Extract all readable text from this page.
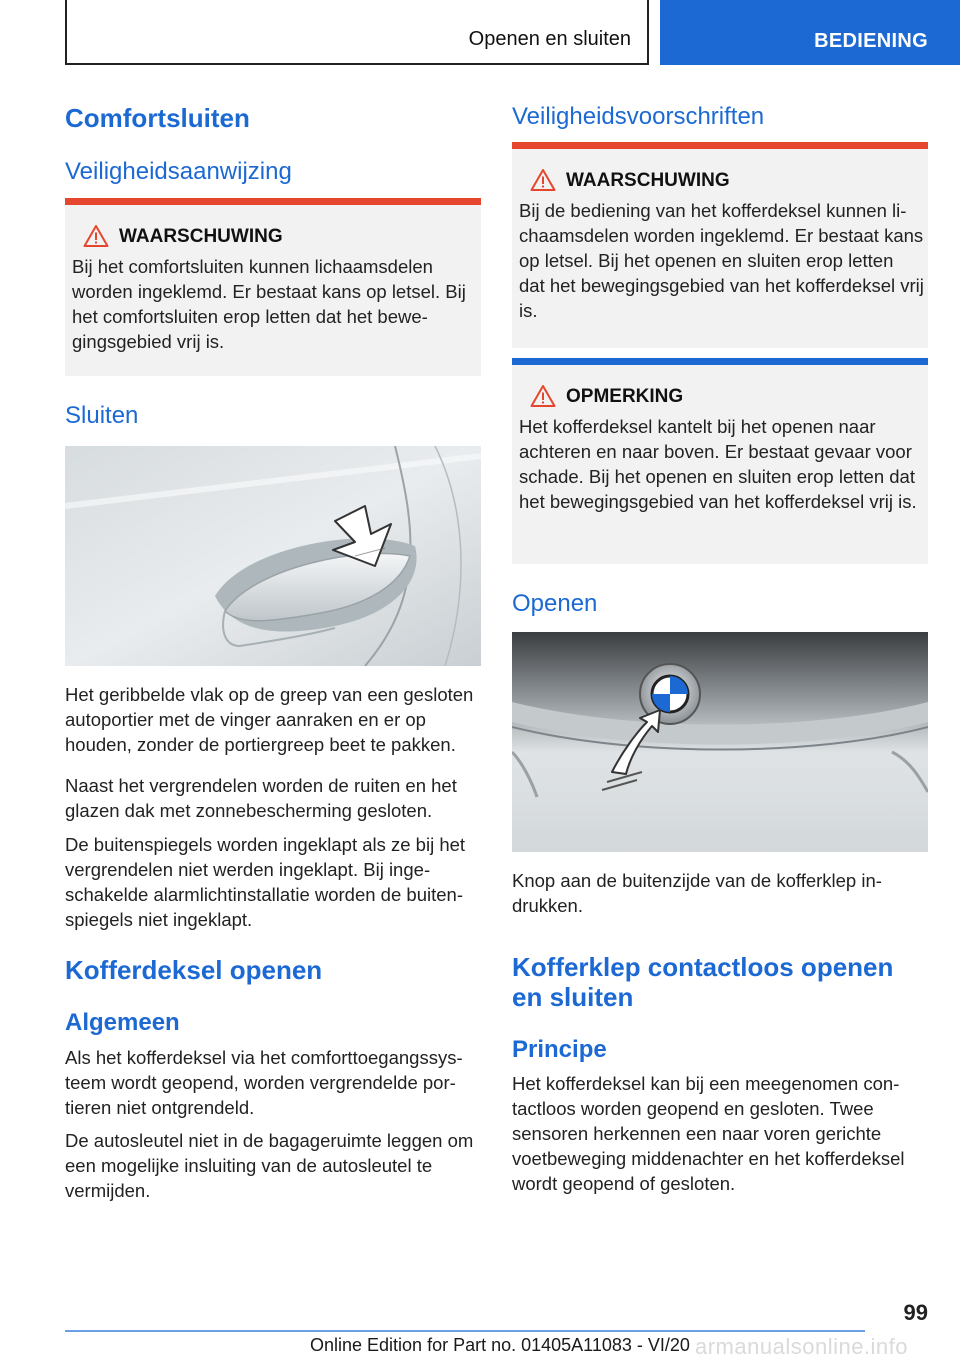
Openen en sluiten	BEDIENING
Comfortsluiten
Veiligheidsaanwijzing
WAARSCHUWING
Bij het comfortsluiten kunnen lichaamsdelen worden ingeklemd. Er bestaat kans op letsel. Bij het comfortsluiten erop letten dat het bewegingsgebied vrij is.
Sluiten
Het geribbelde vlak op de greep van een gesloten autoportier met de vinger aanraken en er op houden, zonder de portiergreep beet te pakken.
Naast het vergrendelen worden de ruiten en het glazen dak met zonnebescherming gesloten.
De buitenspiegels worden ingeklapt als ze bij het vergrendelen niet werden ingeklapt. Bij ingeschakelde alarmlichtinstallatie worden de buitenspiegels niet ingeklapt.
Kofferdeksel openen
Algemeen
Als het kofferdeksel via het comforttoegangssysteem wordt geopend, worden vergrendelde portieren niet ontgrendeld.
De autosleutel niet in de bagageruimte leggen om een mogelijke insluiting van de autosleutel te vermijden.
Veiligheidsvoorschriften
WAARSCHUWING
Bij de bediening van het kofferdeksel kunnen lichaamsdelen worden ingeklemd. Er bestaat kans op letsel. Bij het openen en sluiten erop letten dat het bewegingsgebied van het kofferdeksel vrij is.
OPMERKING
Het kofferdeksel kantelt bij het openen naar achteren en naar boven. Er bestaat gevaar voor schade. Bij het openen en sluiten erop letten dat het bewegingsgebied van het kofferdeksel vrij is.
Openen
Knop aan de buitenzijde van de kofferklep indrukken.
Kofferklep contactloos openen en sluiten
Principe
Het kofferdeksel kan bij een meegenomen contactloos worden geopend en gesloten. Twee sensoren herkennen een naar voren gerichte voetbeweging middenachter en het kofferdeksel wordt geopend of gesloten.
99
Online Edition for Part no. 01405A11083 - VI/20 armanualsonline.info
